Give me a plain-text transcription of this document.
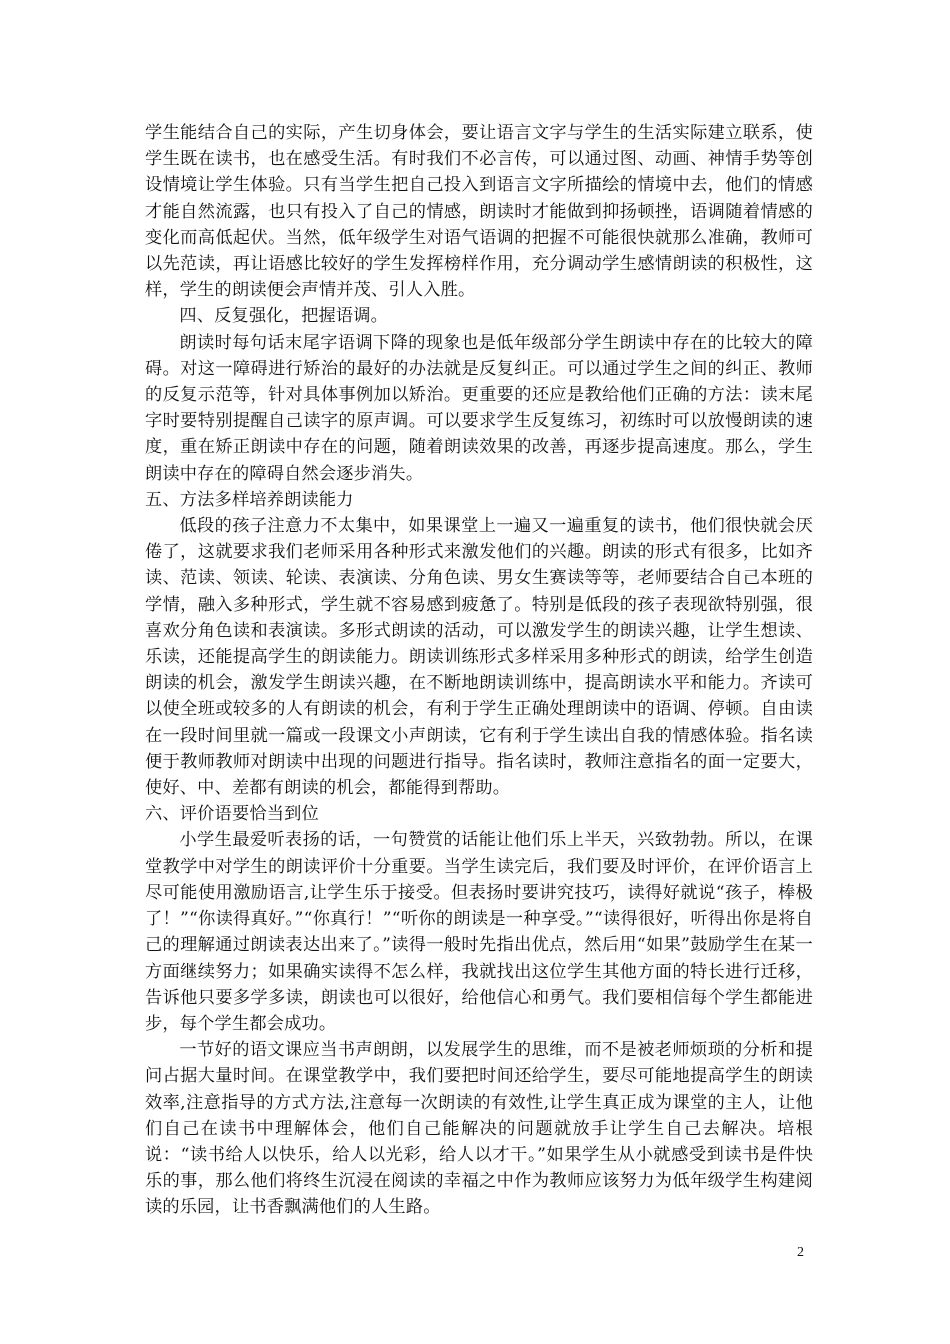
学生能结合自己的实际，产生切身体会，要让语言文字与学生的生活实际建立联系，使学生既在读书，也在感受生活。有时我们不必言传，可以通过图、动画、神情手势等创设情境让学生体验。只有当学生把自己投入到语言文字所描绘的情境中去，他们的情感才能自然流露，也只有投入了自己的情感，朗读时才能做到抑扬顿挫，语调随着情感的变化而高低起伏。当然，低年级学生对语气语调的把握不可能很快就那么准确，教师可以先范读，再让语感比较好的学生发挥榜样作用，充分调动学生感情朗读的积极性，这样，学生的朗读便会声情并茂、引人入胜。

四、反复强化，把握语调。

朗读时每句话末尾字语调下降的现象也是低年级部分学生朗读中存在的比较大的障碍。对这一障碍进行矫治的最好的办法就是反复纠正。可以通过学生之间的纠正、教师的反复示范等，针对具体事例加以矫治。更重要的还应是教给他们正确的方法：读末尾字时要特别提醒自己读字的原声调。可以要求学生反复练习，初练时可以放慢朗读的速度，重在矫正朗读中存在的问题，随着朗读效果的改善，再逐步提高速度。那么，学生朗读中存在的障碍自然会逐步消失。

五、方法多样培养朗读能力

低段的孩子注意力不太集中，如果课堂上一遍又一遍重复的读书，他们很快就会厌倦了，这就要求我们老师采用各种形式来激发他们的兴趣。朗读的形式有很多，比如齐读、范读、领读、轮读、表演读、分角色读、男女生赛读等等，老师要结合自己本班的学情，融入多种形式，学生就不容易感到疲惫了。特别是低段的孩子表现欲特别强，很喜欢分角色读和表演读。多形式朗读的活动，可以激发学生的朗读兴趣，让学生想读、乐读，还能提高学生的朗读能力。朗读训练形式多样采用多种形式的朗读，给学生创造朗读的机会，激发学生朗读兴趣，在不断地朗读训练中，提高朗读水平和能力。齐读可以使全班或较多的人有朗读的机会，有利于学生正确处理朗读中的语调、停顿。自由读在一段时间里就一篇或一段课文小声朗读，它有利于学生读出自我的情感体验。指名读便于教师教师对朗读中出现的问题进行指导。指名读时，教师注意指名的面一定要大，使好、中、差都有朗读的机会，都能得到帮助。

六、评价语要恰当到位

小学生最爱听表扬的话，一句赞赏的话能让他们乐上半天，兴致勃勃。所以，在课堂教学中对学生的朗读评价十分重要。当学生读完后，我们要及时评价，在评价语言上尽可能使用激励语言,让学生乐于接受。但表扬时要讲究技巧，读得好就说“孩子，棒极了！”“你读得真好。”“你真行！”“听你的朗读是一种享受。”“读得很好，听得出你是将自己的理解通过朗读表达出来了。”读得一般时先指出优点，然后用“如果”鼓励学生在某一方面继续努力；如果确实读得不怎么样，我就找出这位学生其他方面的特长进行迁移，告诉他只要多学多读，朗读也可以很好，给他信心和勇气。我们要相信每个学生都能进步，每个学生都会成功。

一节好的语文课应当书声朗朗，以发展学生的思维，而不是被老师烦琐的分析和提问占据大量时间。在课堂教学中，我们要把时间还给学生，要尽可能地提高学生的朗读效率,注意指导的方式方法,注意每一次朗读的有效性,让学生真正成为课堂的主人，让他们自己在读书中理解体会，他们自己能解决的问题就放手让学生自己去解决。培根说：“读书给人以快乐，给人以光彩，给人以才干。”如果学生从小就感受到读书是件快乐的事，那么他们将终生沉浸在阅读的幸福之中作为教师应该努力为低年级学生构建阅读的乐园，让书香飘满他们的人生路。

2
